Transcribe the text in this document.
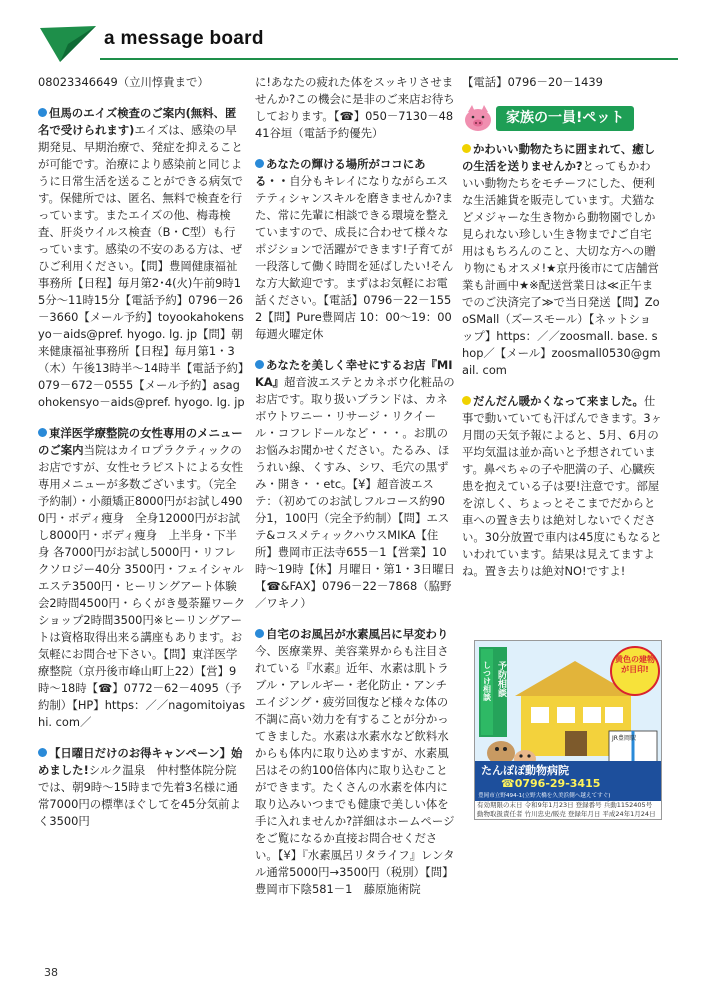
a message board

08023346649（立川惇貴まで）

但馬のエイズ検査のご案内(無料、匿名で受けられます)エイズは、感染の早期発見、早期治療で、発症を抑えることが可能です。治療により感染前と同じように日常生活を送ることができる病気です。保健所では、匿名、無料で検査を行っています。またエイズの他、梅毒検査、肝炎ウイルス検査（B・C型）も行っています。感染の不安のある方は、ぜひご利用ください。【問】豊岡健康福祉事務所【日程】毎月第2･4(火)午前9時15分～11時15分【電話予約】0796－26－3660【メール予約】toyookahokensyo－aids@pref. hyogo. lg. jp【問】朝来健康福祉事務所【日程】毎月第1・3（木）午後13時半～14時半【電話予約】079－672－0555【メール予約】asagohokensyo－aids@pref. hyogo. lg. jp

東洋医学療整院の女性専用のメニューのご案内当院はカイロプラクティックのお店ですが、女性セラピストによる女性専用メニューが多数ございます。（完全予約制）・小顔矯正8000円がお試し4900円・ボディ痩身　全身12000円がお試し8000円・ボディ痩身　上半身・下半身 各7000円がお試し5000円・リフレクソロジー40分 3500円・フェイシャルエステ3500円・ヒーリングアート体験会2時間4500円・らくがき曼荼羅ワークショップ2時間3500円※ヒーリングアートは資格取得出来る講座もあります。お気軽にお問合せ下さい。【問】東洋医学療整院（京丹後市峰山町上22）【営】9時～18時【☎】0772－62－4095（予約制）【HP】https：／／nagomitoiyashi. com／

【日曜日だけのお得キャンペーン】始めました!シルク温泉　仲村整体院分院では、朝9時～15時まで先着3名様に通常7000円の標準ほぐしてを45分気前よく3500円

に!あなたの疲れた体をスッキリさせませんか?この機会に是非のご来店お待ちしております。【☎】050－7130－4841谷垣（電話予約優先）

あなたの輝ける場所がココにある・・自分もキレイになりながらエステティシャンスキルを磨きませんか?また、常に先輩に相談できる環境を整えていますので、成長に合わせて様々なポジションで活躍ができます!子育てが一段落して働く時間を延ばしたい!そんな方大歓迎です。まずはお気軽にお電話ください。【電話】0796－22－1552【問】Pure豊岡店 10：00～19：00 毎週火曜定休

あなたを美しく幸せにするお店『MIKA』超音波エステとカネボウ化粧品のお店です。取り扱いブランドは、カネボウトワニー・リサージ・リクイール・コフレドールなど・・・。お肌のお悩みお聞かせください。たるみ、ほうれい線、くすみ、シワ、毛穴の黒ずみ・開き・・etc。【¥】超音波エステ：（初めてのお試しフルコース約90分1，100円（完全予約制）【問】エステ&コスメティックハウスMIKA【住所】豊岡市正法寺655－1【営業】10時～19時【休】月曜日・第1・3日曜日【☎&FAX】0796－22－7868（脇野／ワキノ）

自宅のお風呂が水素風呂に早変わり今、医療業界、美容業界からも注目されている『水素』近年、水素は肌トラブル・アレルギー・老化防止・アンチエイジング・疲労回復など様々な体の不調に高い効力を有することが分かってきました。水素は水素水など飲料水からも体内に取り込めますが、水素風呂はその約100倍体内に取り込むことができます。たくさんの水素を体内に取り込みいつまでも健康で美しい体を手に入れませんか?詳細はホームページをご覧になるか直接お問合せください。【¥】『水素風呂リタライフ』レンタル通常5000円→3500円（税別）【問】豊岡市下陰581－1　藤原施術院

【電話】0796－20－1439

家族の一員!ペット

かわいい動物たちに囲まれて、癒しの生活を送りませんか?とってもかわいい動物たちをモチーフにした、便利な生活雑貨を販売しています。犬猫などメジャーな生き物から動物園でしか見られない珍しい生き物まで♪ご自宅用はもちろんのこと、大切な方への贈り物にもオスメ!★京丹後市にて店舗営業も計画中★※配送営業日は≪正午までのご決済完了≫で当日発送【問】ZooSMall（ズースモール）【ネットショップ】https：／／zoosmall. base. shop／【メール】zoosmall0530@gmail. com

だんだん暖かくなって来ました。仕事で動いていても汗ばんできます。3ヶ月間の天気予報によると、5月、6月の平均気温は並か高いと予想されています。鼻ぺちゃの子や肥満の子、心臓疾患を抱えている子は要!注意です。部屋を涼しく、ちょっとそこまでだからと車への置き去りは絶対しないでください。30分放置で車内は45度にもなるといわれています。結果は見えてますよね。置き去りは絶対NO!ですよ!

予防相談
しつけ相談
黄色の建物が目印!
JR豊岡駅
たんぽぽ動物病院
☎0796-29-3415
豊岡市立野494-1(立野大橋を久美浜側へ越えてすぐ)
有効期限の末日 令和9年1月23日 登録番号 兵動1152405号　動物取扱責任者 竹川忠史/販売 登録年月日 平成24年1月24日
38
